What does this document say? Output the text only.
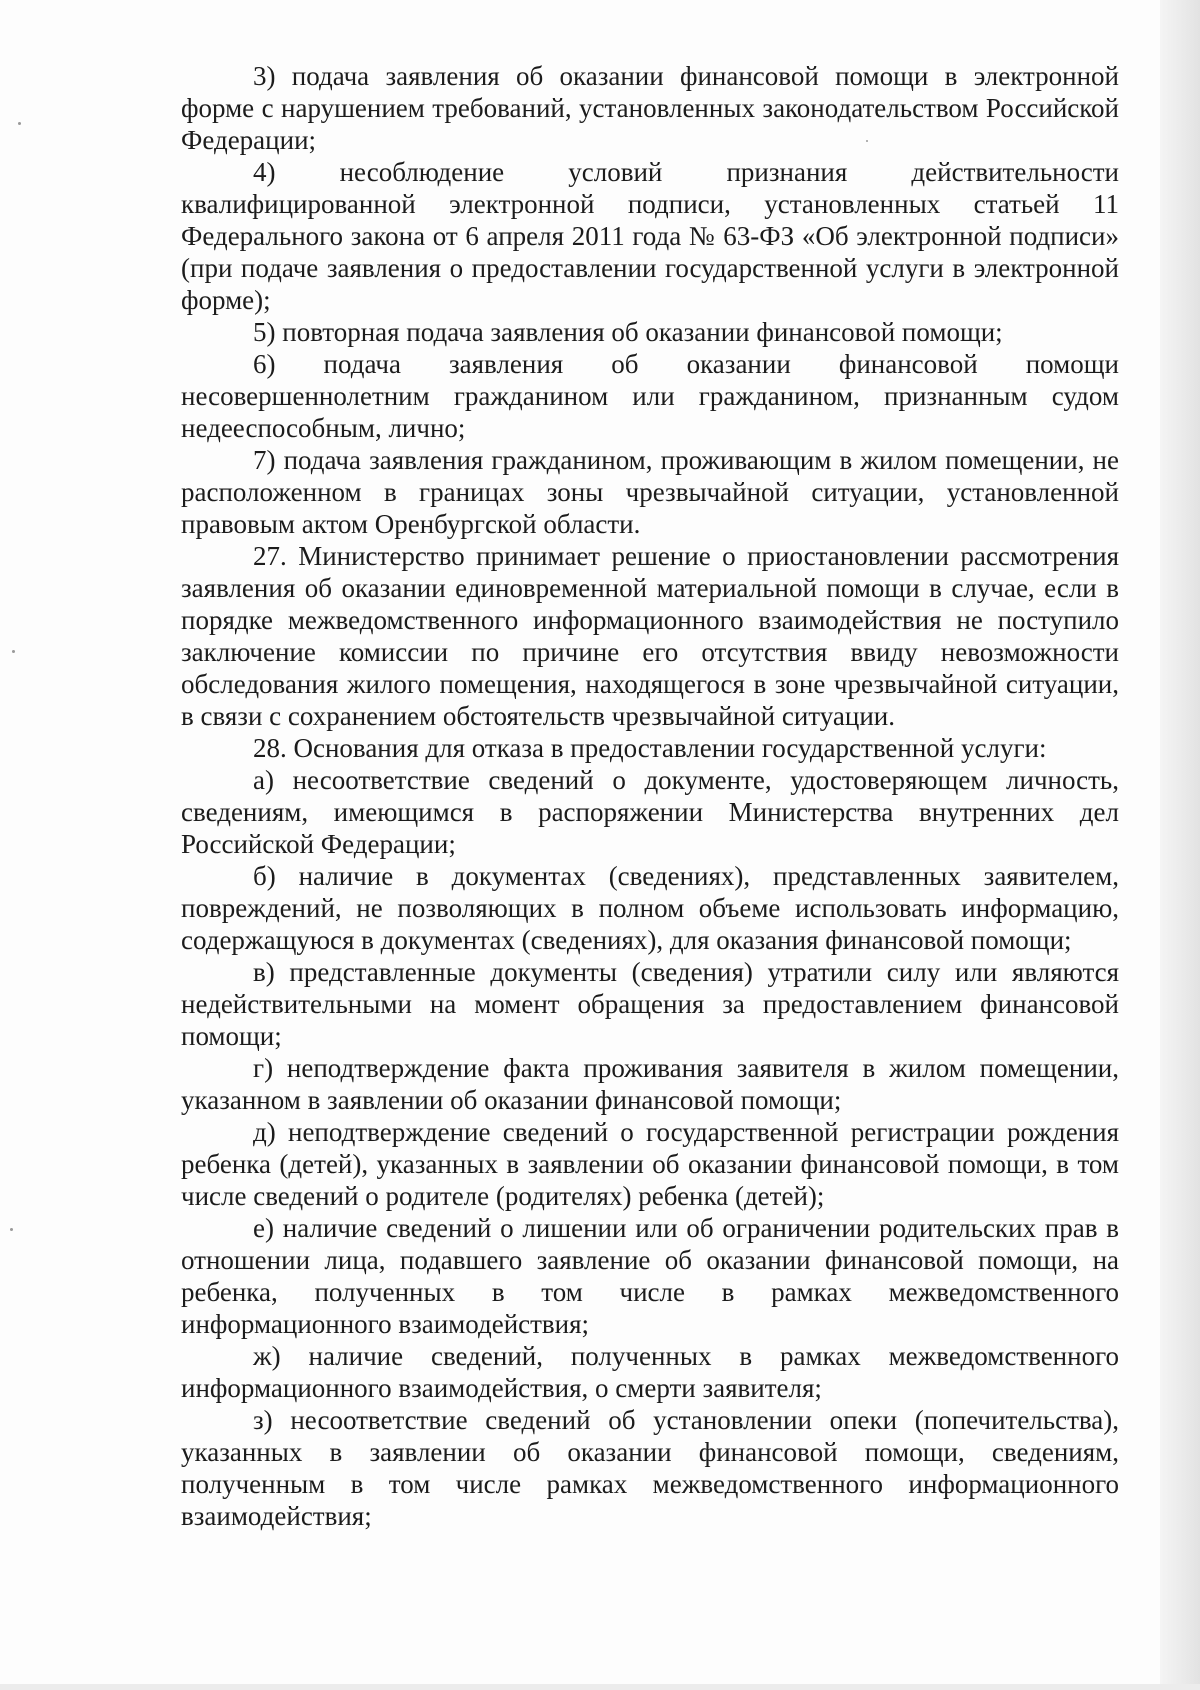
3) подача заявления об оказании финансовой помощи в электронной форме с нарушением требований, установленных законодательством Российской Федерации;

4) несоблюдение условий признания действительности квалифицированной электронной подписи, установленных статьей 11 Федерального закона от 6 апреля 2011 года № 63-ФЗ «Об электронной подписи» (при подаче заявления о предоставлении государственной услуги в электронной форме);

5) повторная подача заявления об оказании финансовой помощи;

6) подача заявления об оказании финансовой помощи несовершеннолетним гражданином или гражданином, признанным судом недееспособным, лично;

7) подача заявления гражданином, проживающим в жилом помещении, не расположенном в границах зоны чрезвычайной ситуации, установленной правовым актом Оренбургской области.

27. Министерство принимает решение о приостановлении рассмотрения заявления об оказании единовременной материальной помощи в случае, если в порядке межведомственного информационного взаимодействия не поступило заключение комиссии по причине его отсутствия ввиду невозможности обследования жилого помещения, находящегося в зоне чрезвычайной ситуации, в связи с сохранением обстоятельств чрезвычайной ситуации.

28. Основания для отказа в предоставлении государственной услуги:

а) несоответствие сведений о документе, удостоверяющем личность, сведениям, имеющимся в распоряжении Министерства внутренних дел Российской Федерации;

б) наличие в документах (сведениях), представленных заявителем, повреждений, не позволяющих в полном объеме использовать информацию, содержащуюся в документах (сведениях), для оказания финансовой помощи;

в) представленные документы (сведения) утратили силу или являются недействительными на момент обращения за предоставлением финансовой помощи;

г) неподтверждение факта проживания заявителя в жилом помещении, указанном в заявлении об оказании финансовой помощи;

д) неподтверждение сведений о государственной регистрации рождения ребенка (детей), указанных в заявлении об оказании финансовой помощи, в том числе сведений о родителе (родителях) ребенка (детей);

е) наличие сведений о лишении или об ограничении родительских прав в отношении лица, подавшего заявление об оказании финансовой помощи, на ребенка, полученных в том числе в рамках межведомственного информационного взаимодействия;

ж) наличие сведений, полученных в рамках межведомственного информационного взаимодействия, о смерти заявителя;

з) несоответствие сведений об установлении опеки (попечительства), указанных в заявлении об оказании финансовой помощи, сведениям, полученным в том числе рамках межведомственного информационного взаимодействия;
